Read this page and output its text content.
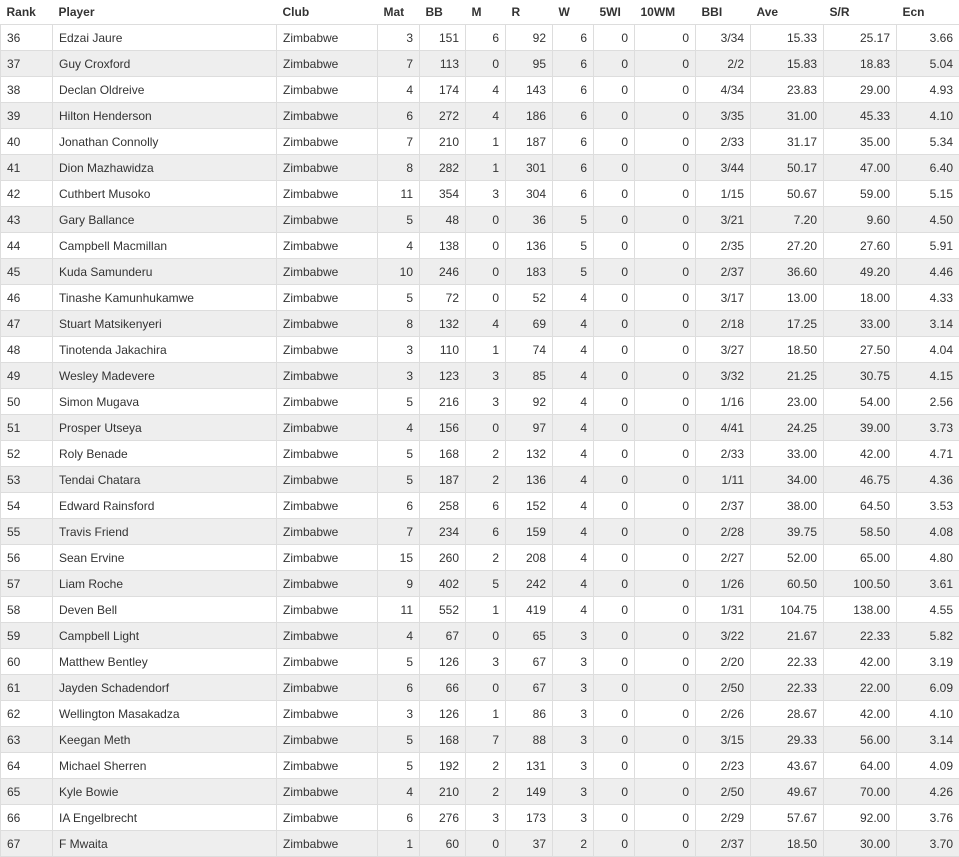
Rank	Player	Club	Mat	BB	M	R	W	5WI	10WM	BBI	Ave	S/R	Ecn
36	Edzai Jaure	Zimbabwe	3	151	6	92	6	0	0	3/34	15.33	25.17	3.66
37	Guy Croxford	Zimbabwe	7	113	0	95	6	0	0	2/2	15.83	18.83	5.04
38	Declan Oldreive	Zimbabwe	4	174	4	143	6	0	0	4/34	23.83	29.00	4.93
39	Hilton Henderson	Zimbabwe	6	272	4	186	6	0	0	3/35	31.00	45.33	4.10
40	Jonathan Connolly	Zimbabwe	7	210	1	187	6	0	0	2/33	31.17	35.00	5.34
41	Dion Mazhawidza	Zimbabwe	8	282	1	301	6	0	0	3/44	50.17	47.00	6.40
42	Cuthbert Musoko	Zimbabwe	11	354	3	304	6	0	0	1/15	50.67	59.00	5.15
43	Gary Ballance	Zimbabwe	5	48	0	36	5	0	0	3/21	7.20	9.60	4.50
44	Campbell Macmillan	Zimbabwe	4	138	0	136	5	0	0	2/35	27.20	27.60	5.91
45	Kuda Samunderu	Zimbabwe	10	246	0	183	5	0	0	2/37	36.60	49.20	4.46
46	Tinashe Kamunhukamwe	Zimbabwe	5	72	0	52	4	0	0	3/17	13.00	18.00	4.33
47	Stuart Matsikenyeri	Zimbabwe	8	132	4	69	4	0	0	2/18	17.25	33.00	3.14
48	Tinotenda Jakachira	Zimbabwe	3	110	1	74	4	0	0	3/27	18.50	27.50	4.04
49	Wesley Madevere	Zimbabwe	3	123	3	85	4	0	0	3/32	21.25	30.75	4.15
50	Simon Mugava	Zimbabwe	5	216	3	92	4	0	0	1/16	23.00	54.00	2.56
51	Prosper Utseya	Zimbabwe	4	156	0	97	4	0	0	4/41	24.25	39.00	3.73
52	Roly Benade	Zimbabwe	5	168	2	132	4	0	0	2/33	33.00	42.00	4.71
53	Tendai Chatara	Zimbabwe	5	187	2	136	4	0	0	1/11	34.00	46.75	4.36
54	Edward Rainsford	Zimbabwe	6	258	6	152	4	0	0	2/37	38.00	64.50	3.53
55	Travis Friend	Zimbabwe	7	234	6	159	4	0	0	2/28	39.75	58.50	4.08
56	Sean Ervine	Zimbabwe	15	260	2	208	4	0	0	2/27	52.00	65.00	4.80
57	Liam Roche	Zimbabwe	9	402	5	242	4	0	0	1/26	60.50	100.50	3.61
58	Deven Bell	Zimbabwe	11	552	1	419	4	0	0	1/31	104.75	138.00	4.55
59	Campbell Light	Zimbabwe	4	67	0	65	3	0	0	3/22	21.67	22.33	5.82
60	Matthew Bentley	Zimbabwe	5	126	3	67	3	0	0	2/20	22.33	42.00	3.19
61	Jayden Schadendorf	Zimbabwe	6	66	0	67	3	0	0	2/50	22.33	22.00	6.09
62	Wellington Masakadza	Zimbabwe	3	126	1	86	3	0	0	2/26	28.67	42.00	4.10
63	Keegan Meth	Zimbabwe	5	168	7	88	3	0	0	3/15	29.33	56.00	3.14
64	Michael Sherren	Zimbabwe	5	192	2	131	3	0	0	2/23	43.67	64.00	4.09
65	Kyle Bowie	Zimbabwe	4	210	2	149	3	0	0	2/50	49.67	70.00	4.26
66	IA Engelbrecht	Zimbabwe	6	276	3	173	3	0	0	2/29	57.67	92.00	3.76
67	F Mwaita	Zimbabwe	1	60	0	37	2	0	0	2/37	18.50	30.00	3.70
